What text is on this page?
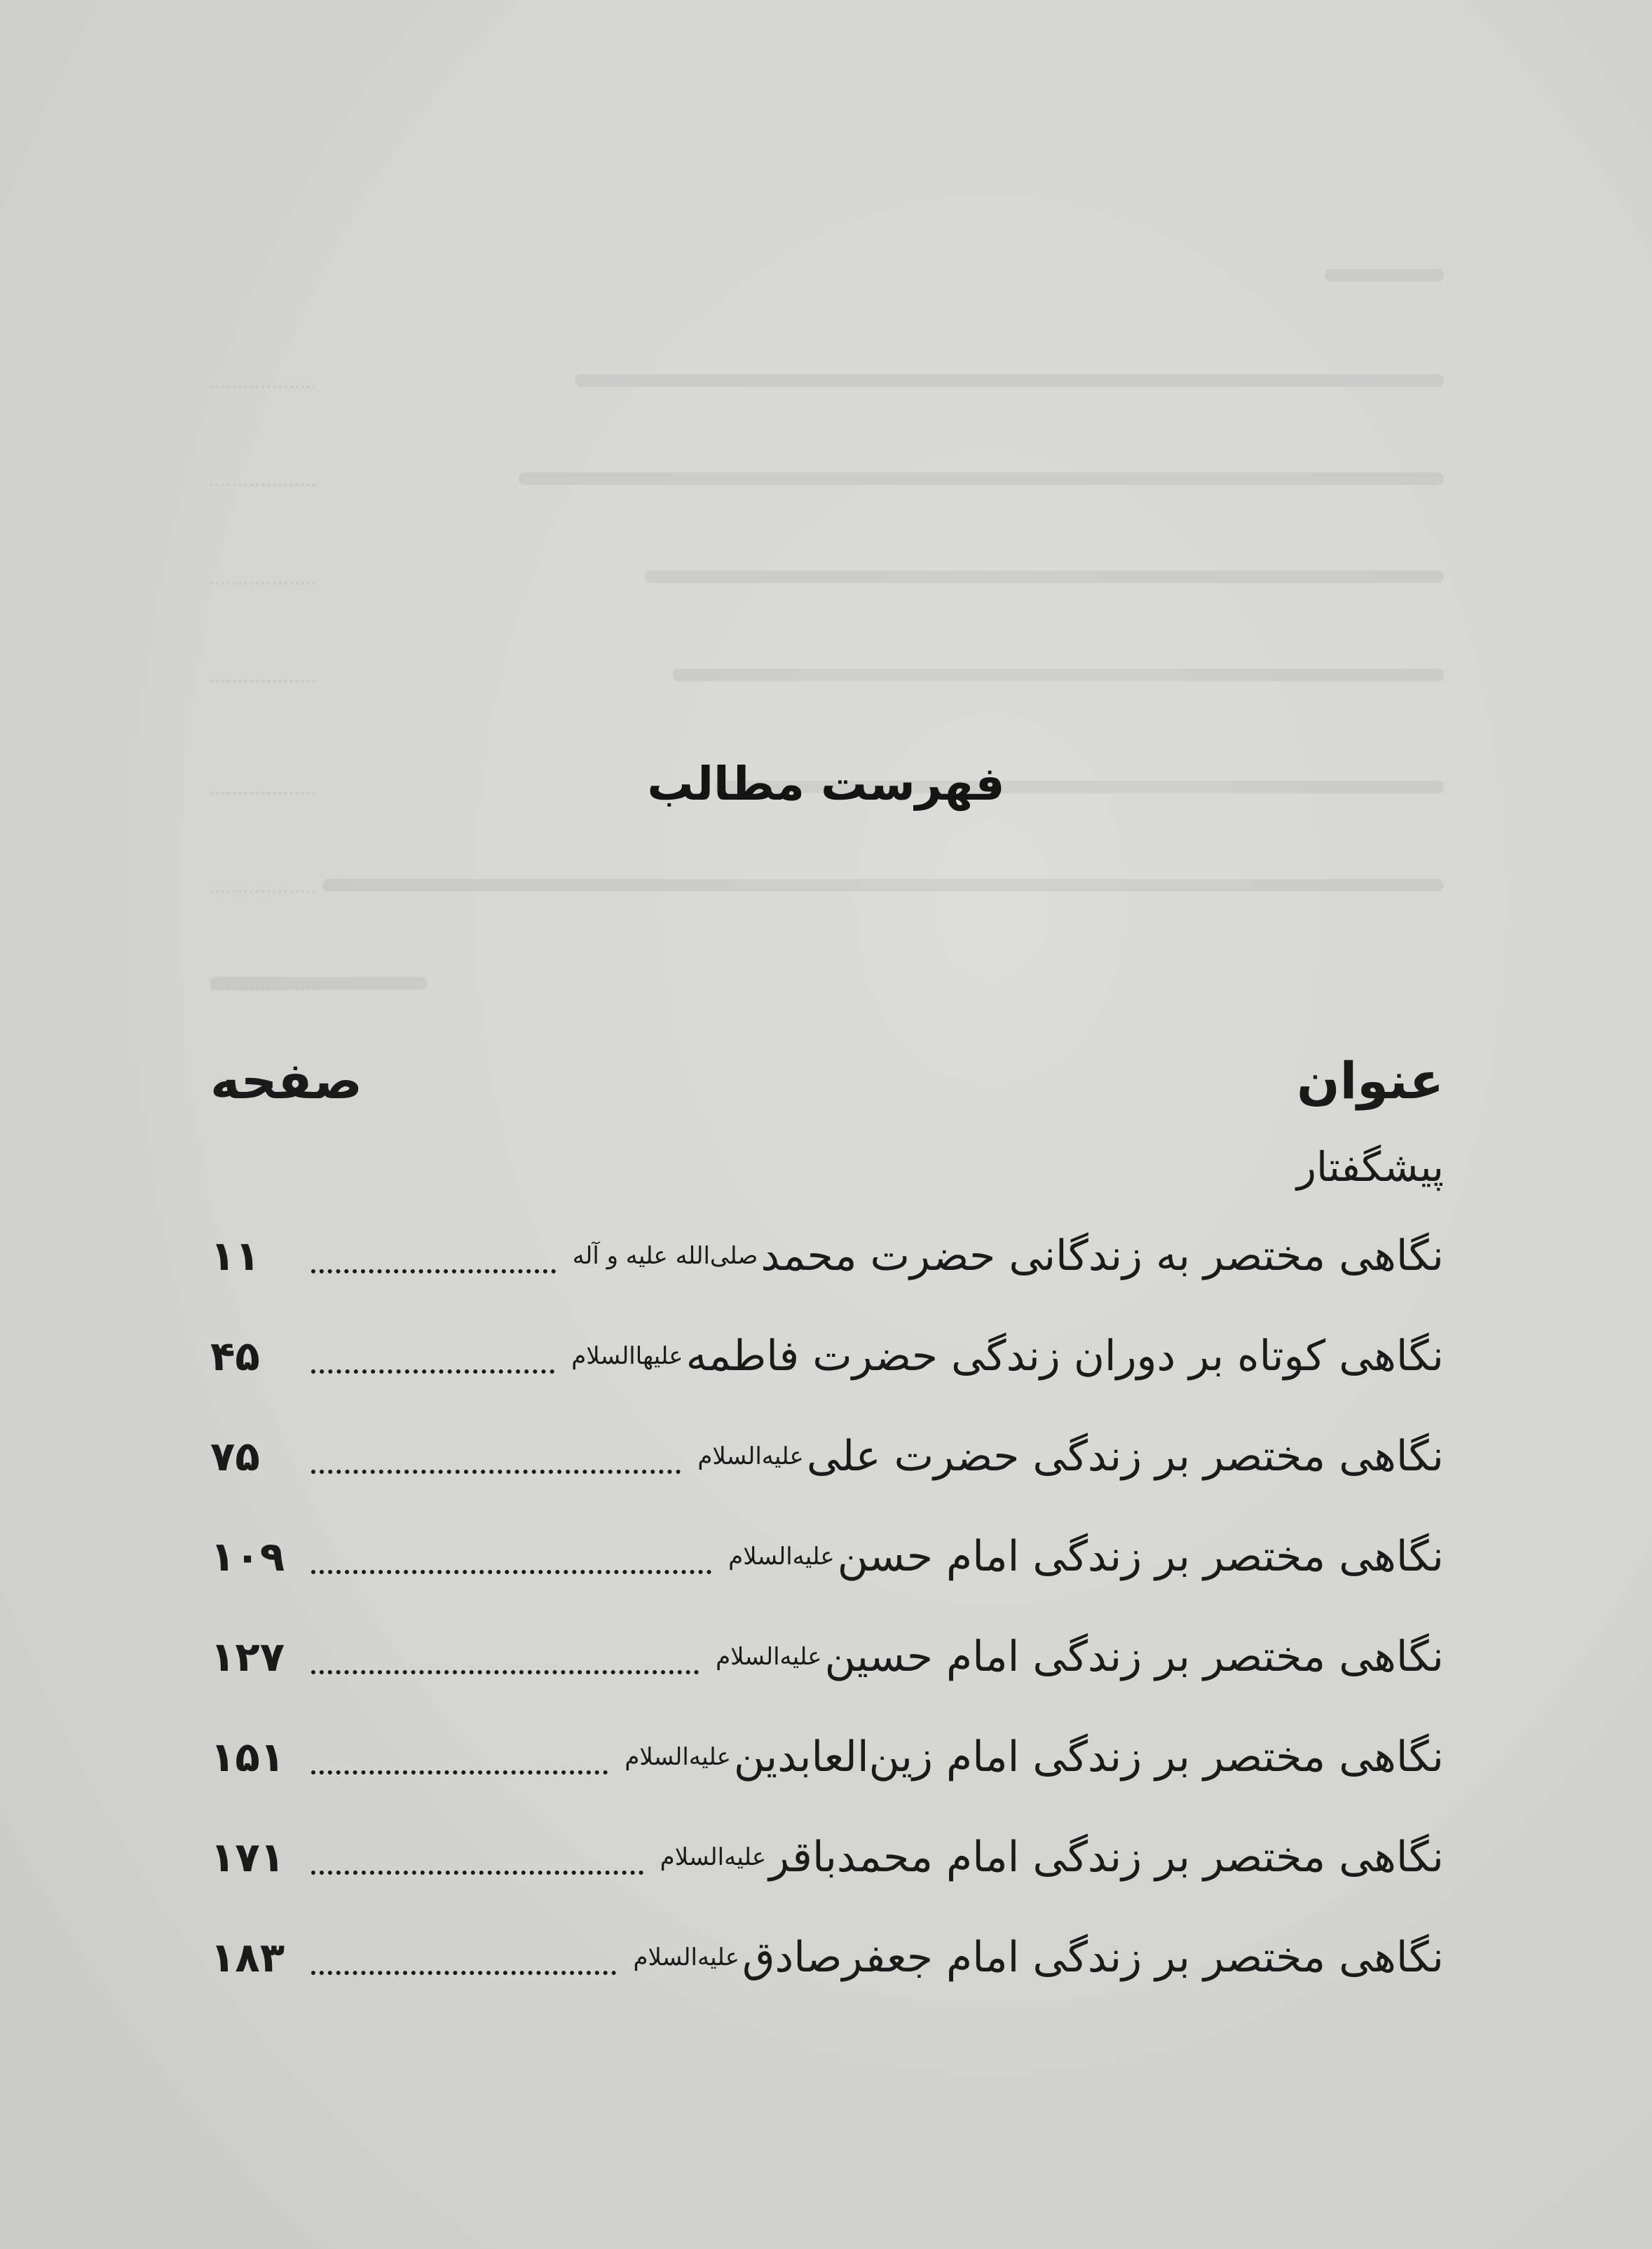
فهرست مطالب
عنوان
صفحه
پیشگفتار
نگاهی مختصر به زندگانی حضرت محمد
صلی‌الله علیه و آله
۱۱
نگاهی کوتاه بر دوران زندگی حضرت فاطمه
علیهاالسلام
۴۵
نگاهی مختصر بر زندگی حضرت علی
علیه‌السلام
۷۵
نگاهی مختصر بر زندگی امام حسن
علیه‌السلام
۱۰۹
نگاهی مختصر بر زندگی امام حسین
علیه‌السلام
۱۲۷
نگاهی مختصر بر زندگی امام زین‌العابدین
علیه‌السلام
۱۵۱
نگاهی مختصر بر زندگی امام محمدباقر
علیه‌السلام
۱۷۱
نگاهی مختصر بر زندگی امام جعفرصادق
علیه‌السلام
۱۸۳
